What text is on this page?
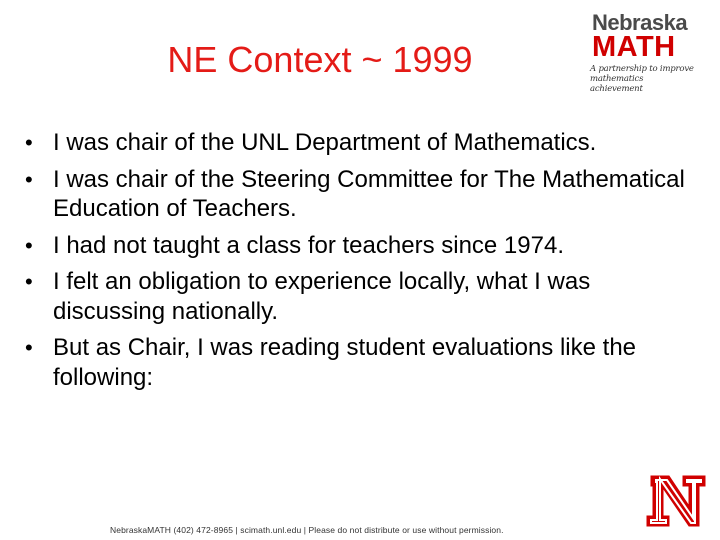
NE Context ~ 1999
Nebraska
MATH
A partnership to improve mathematics achievement
• I was chair of the UNL Department of Mathematics.
• I was chair of the Steering Committee for The Mathematical Education of Teachers.
• I had not taught a class for teachers since 1974.
• I felt an obligation to experience locally, what I was discussing nationally.
• But as Chair, I was reading student evaluations like the following:
NebraskaMATH (402) 472-8965 | scimath.unl.edu | Please do not distribute or use without permission.
